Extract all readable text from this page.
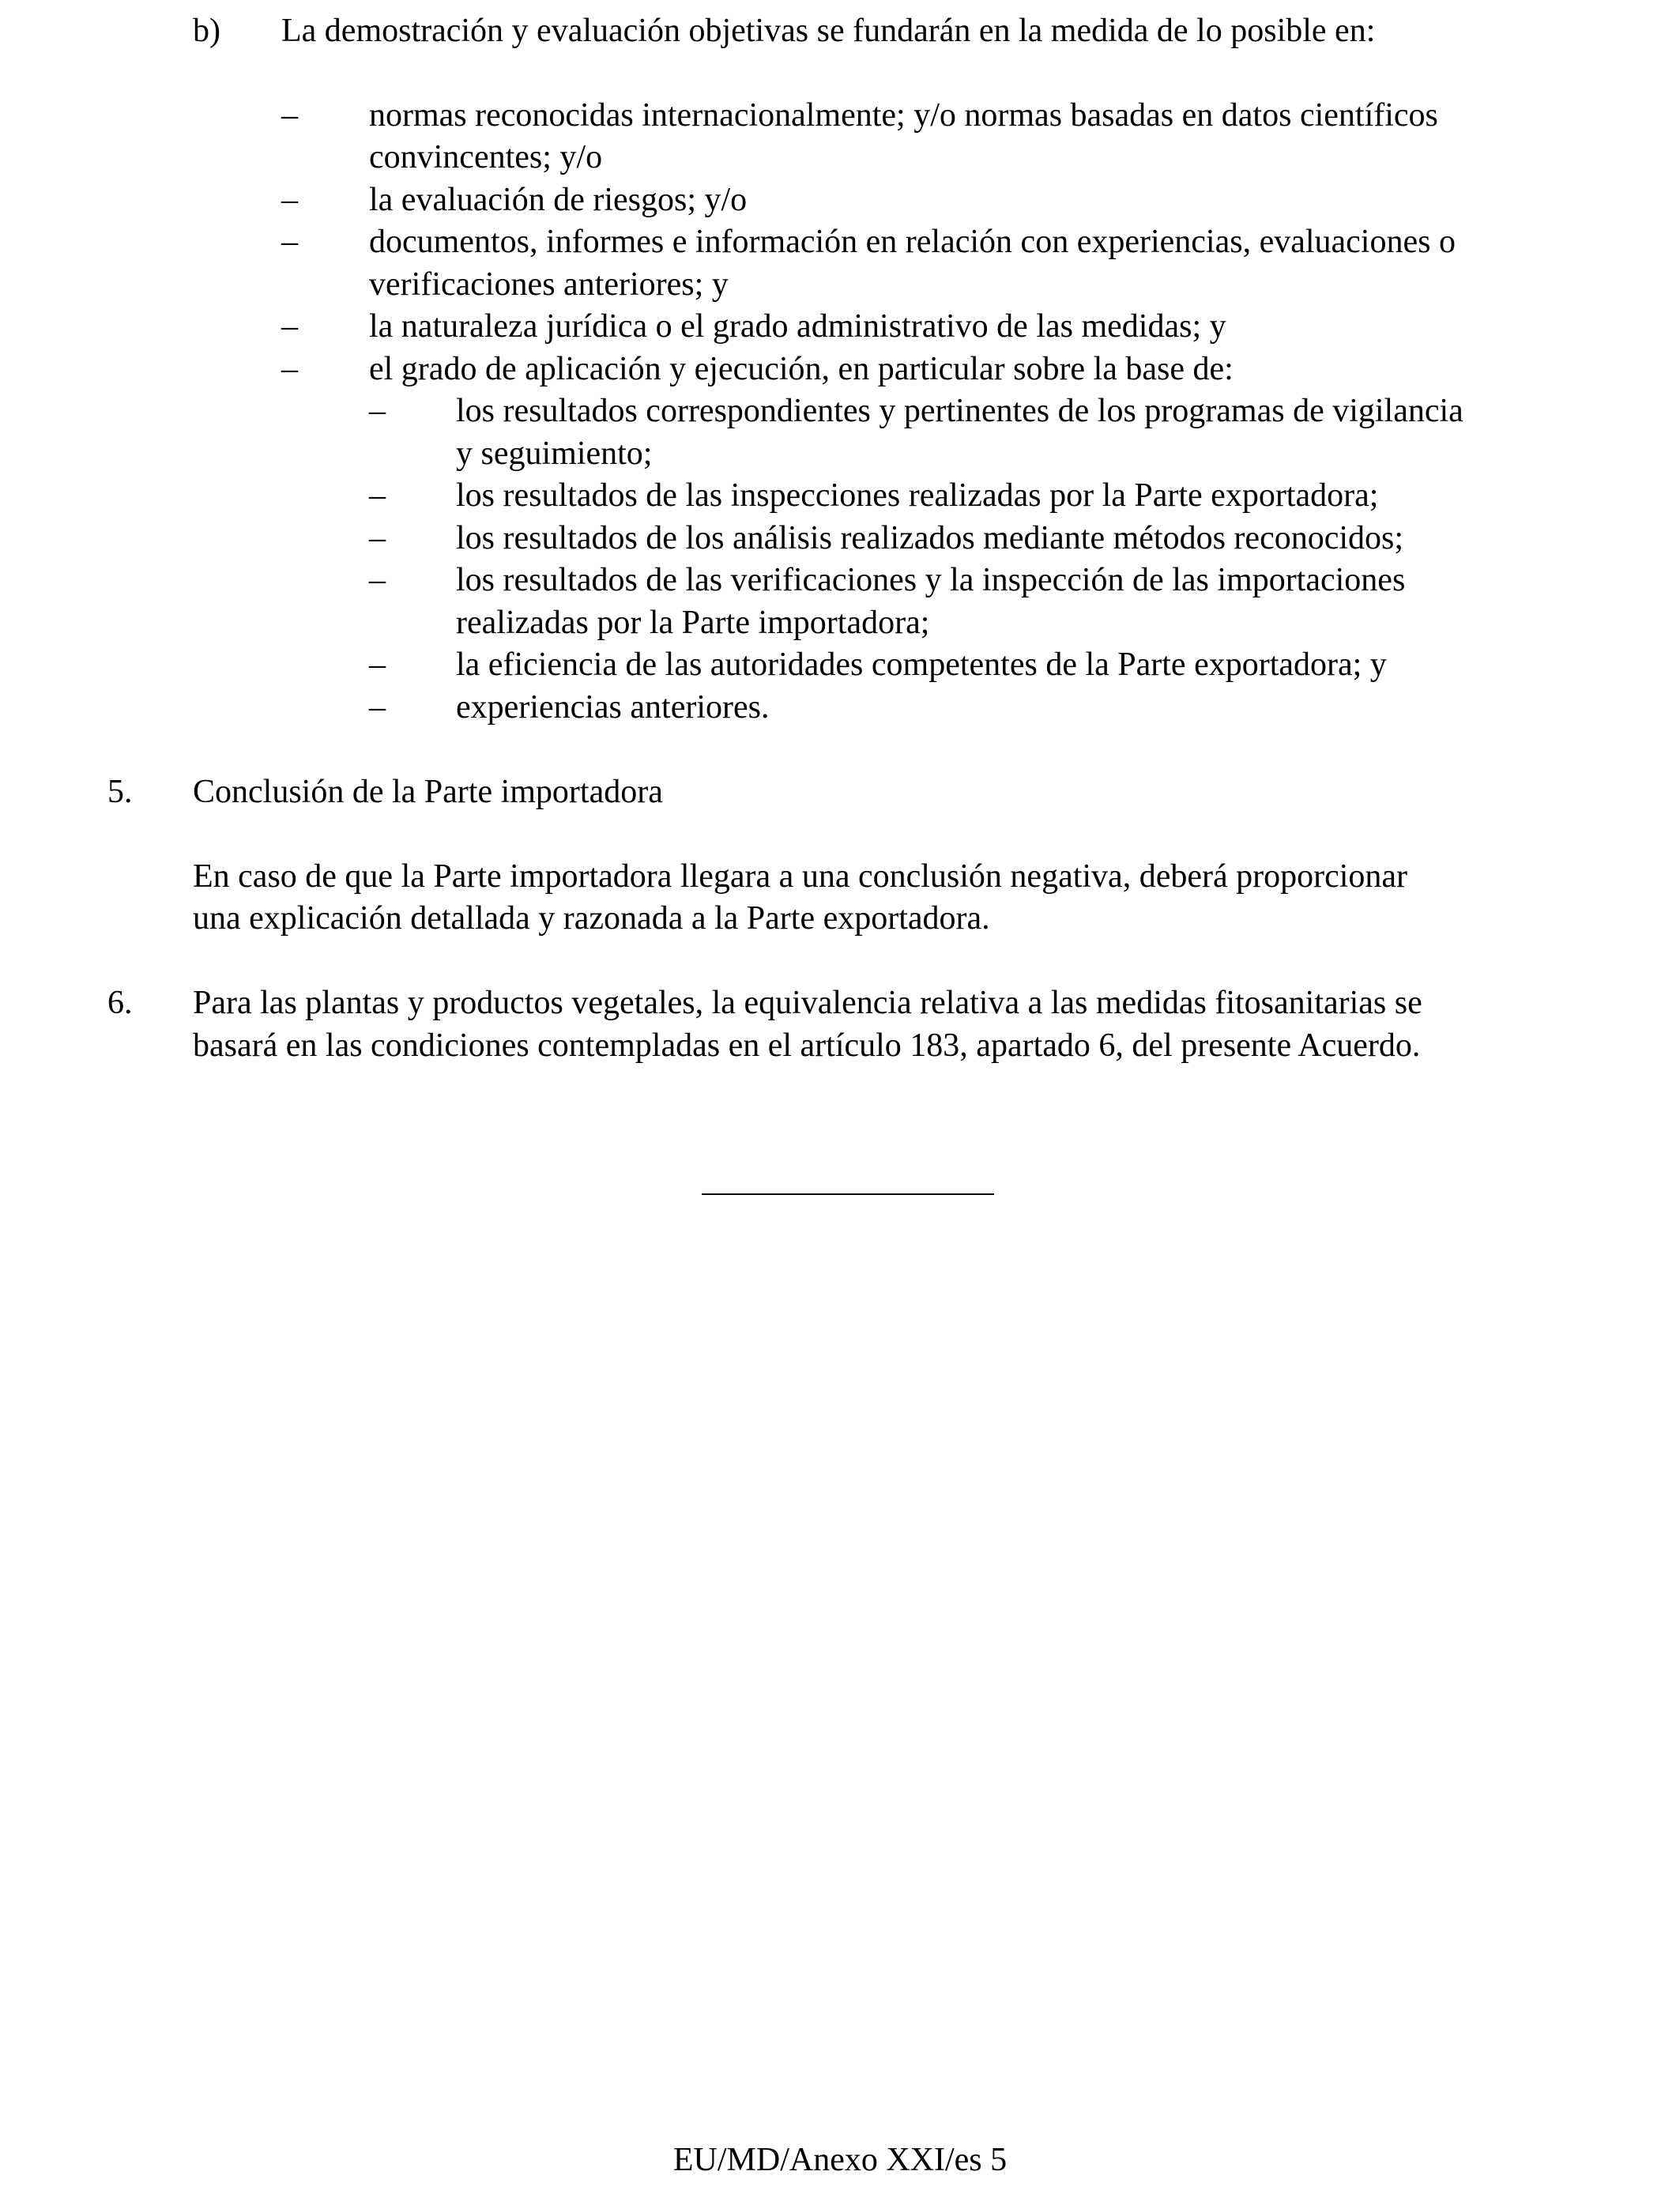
b) La demostración y evaluación objetivas se fundarán en la medida de lo posible en:
– normas reconocidas internacionalmente; y/o normas basadas en datos científicos
convincentes; y/o
– la evaluación de riesgos; y/o
– documentos, informes e información en relación con experiencias, evaluaciones o
verificaciones anteriores; y
– la naturaleza jurídica o el grado administrativo de las medidas; y
– el grado de aplicación y ejecución, en particular sobre la base de:
– los resultados correspondientes y pertinentes de los programas de vigilancia
y seguimiento;
– los resultados de las inspecciones realizadas por la Parte exportadora;
– los resultados de los análisis realizados mediante métodos reconocidos;
– los resultados de las verificaciones y la inspección de las importaciones
realizadas por la Parte importadora;
– la eficiencia de las autoridades competentes de la Parte exportadora; y
– experiencias anteriores.
5. Conclusión de la Parte importadora
En caso de que la Parte importadora llegara a una conclusión negativa, deberá proporcionar
una explicación detallada y razonada a la Parte exportadora.
6. Para las plantas y productos vegetales, la equivalencia relativa a las medidas fitosanitarias se
basará en las condiciones contempladas en el artículo 183, apartado 6, del presente Acuerdo.
EU/MD/Anexo XXI/es 5
